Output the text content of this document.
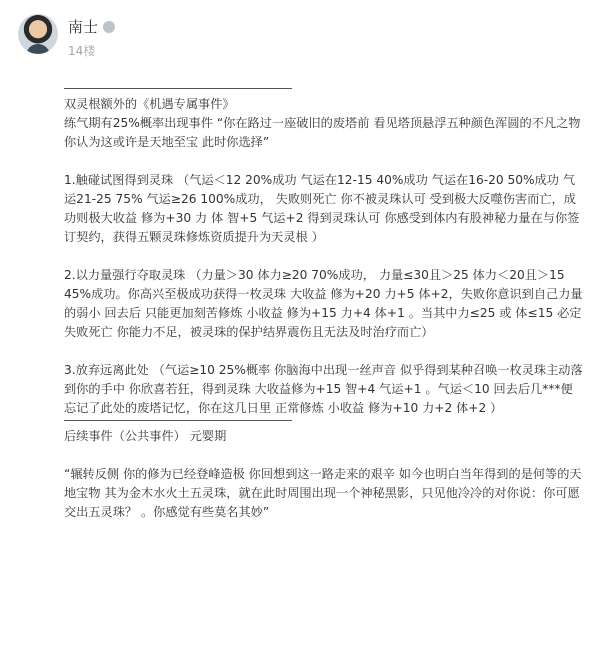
南士
14楼

双灵根额外的《机遇专属事件》

练气期有25%概率出现事件 “你在路过一座破旧的废塔前 看见塔顶悬浮五种颜色浑圆的不凡之物 你认为这或许是天地至宝 此时你选择”

1.触碰试图得到灵珠 （气运＜12 20%成功 气运在12-15 40%成功 气运在16-20 50%成功 气运21-25 75% 气运≥26 100%成功， 失败则死亡 你不被灵珠认可 受到极大反噬伤害而亡，成功则极大收益 修为+30 力 体 智+5 气运+2 得到灵珠认可 你感受到体内有股神秘力量在与你签订契约，获得五颗灵珠修炼资质提升为天灵根 ）

2.以力量强行夺取灵珠 （力量＞30 体力≥20 70%成功， 力量≤30且＞25 体力＜20且＞15 45%成功。你高兴至极成功获得一枚灵珠 大收益 修为+20 力+5 体+2，失败你意识到自己力量的弱小 回去后 只能更加刻苦修炼 小收益 修为+15 力+4 体+1 。当其中力≤25 或 体≤15 必定失败死亡 你能力不足，被灵珠的保护结界震伤且无法及时治疗而亡）

3.放弃远离此处 （气运≥10 25%概率 你脑海中出现一丝声音 似乎得到某种召唤一枚灵珠主动落到你的手中 你欣喜若狂，得到灵珠 大收益修为+15 智+4 气运+1 。气运＜10 回去后几***便忘记了此处的废塔记忆，你在这几日里 正常修炼 小收益 修为+10 力+2 体+2 ）

后续事件（公共事件） 元婴期

“辗转反侧 你的修为已经登峰造极 你回想到这一路走来的艰辛 如今也明白当年得到的是何等的天地宝物 其为金木水火土五灵珠，就在此时周围出现一个神秘黑影，只见他冷冷的对你说：你可愿交出五灵珠？ 。你感觉有些莫名其妙”
